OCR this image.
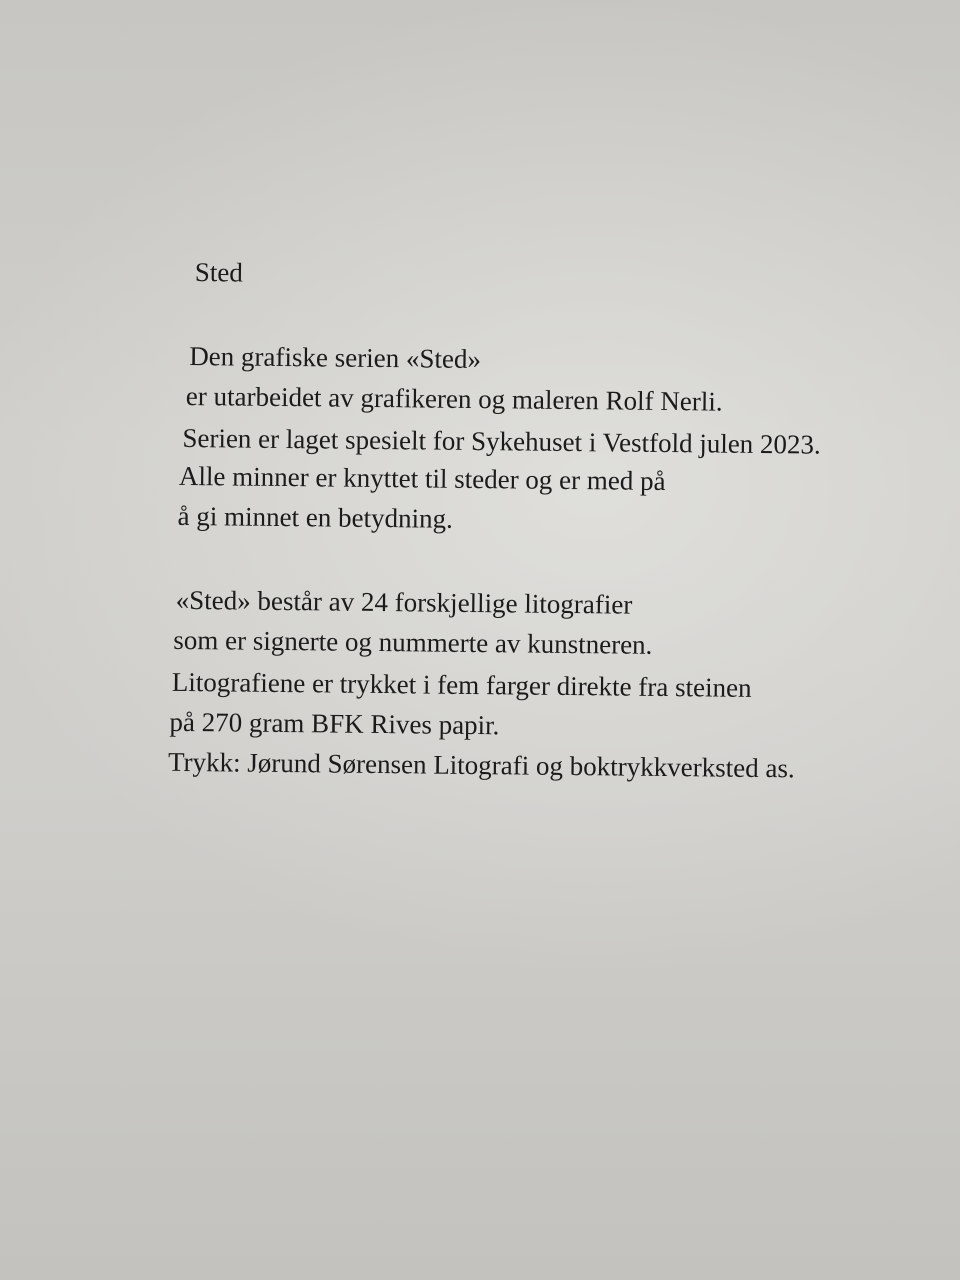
Sted
Den grafiske serien «Sted»
er utarbeidet av grafikeren og maleren Rolf Nerli.
Serien er laget spesielt for Sykehuset i Vestfold julen 2023.
Alle minner er knyttet til steder og er med på
å gi minnet en betydning.
«Sted» består av 24 forskjellige litografier
som er signerte og nummerte av kunstneren.
Litografiene er trykket i fem farger direkte fra steinen
på 270 gram BFK Rives papir.
Trykk: Jørund Sørensen Litografi og boktrykkverksted as.
